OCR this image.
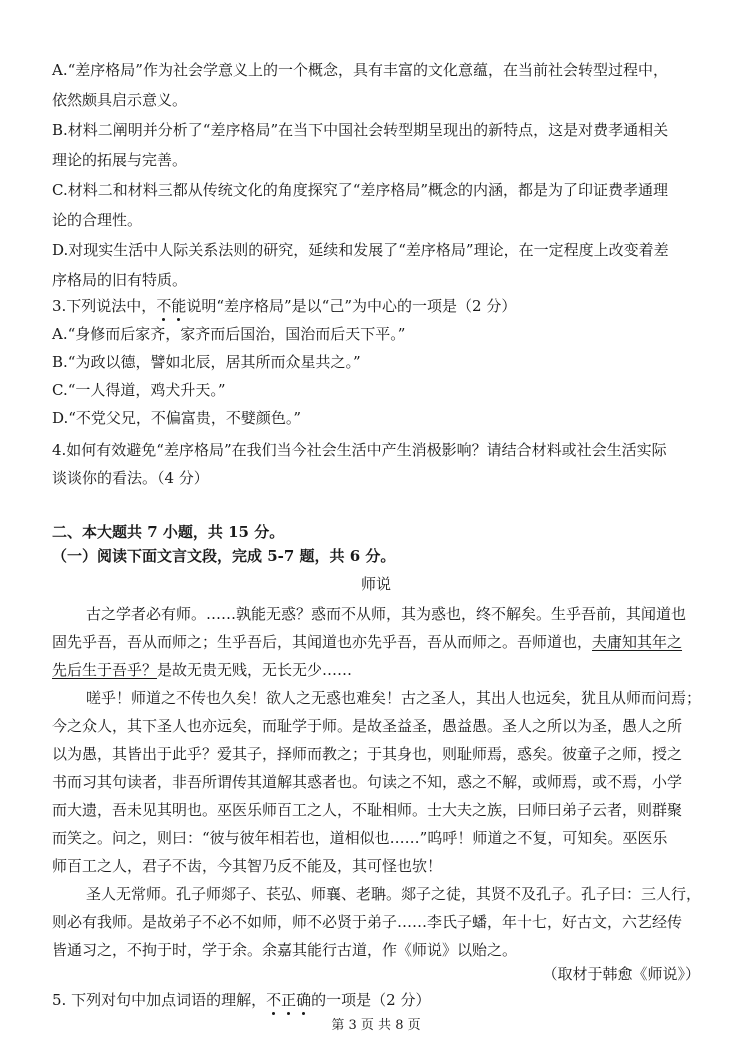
A.“差序格局”作为社会学意义上的一个概念，具有丰富的文化意蕴，在当前社会转型过程中，
依然颇具启示意义。
B.材料二阐明并分析了“差序格局”在当下中国社会转型期呈现出的新特点，这是对费孝通相关
理论的拓展与完善。
C.材料二和材料三都从传统文化的角度探究了“差序格局”概念的内涵，都是为了印证费孝通理
论的合理性。
D.对现实生活中人际关系法则的研究，延续和发展了“差序格局”理论，在一定程度上改变着差
序格局的旧有特质。
3.下列说法中，不能说明“差序格局”是以“己”为中心的一项是（2 分）
A.“身修而后家齐，家齐而后国治，国治而后天下平。”
B.“为政以德，譬如北辰，居其所而众星共之。”
C.“一人得道，鸡犬升天。”
D.“不党父兄，不偏富贵，不嬖颜色。”
4.如何有效避免“差序格局”在我们当今社会生活中产生消极影响？请结合材料或社会生活实际
谈谈你的看法。（4 分）
二、本大题共 7 小题，共 15 分。
（一）阅读下面文言文段，完成 5-7 题，共 6 分。
师说
古之学者必有师。……孰能无惑？惑而不从师，其为惑也，终不解矣。生乎吾前，其闻道也
固先乎吾，吾从而师之；生乎吾后，其闻道也亦先乎吾，吾从而师之。吾师道也，夫庸知其年之
先后生于吾乎？是故无贵无贱，无长无少……
嗟乎！师道之不传也久矣！欲人之无惑也难矣！古之圣人，其出人也远矣，犹且从师而问焉；
今之众人，其下圣人也亦远矣，而耻学于师。是故圣益圣，愚益愚。圣人之所以为圣，愚人之所
以为愚，其皆出于此乎？爱其子，择师而教之；于其身也，则耻师焉，惑矣。彼童子之师，授之
书而习其句读者，非吾所谓传其道解其惑者也。句读之不知，惑之不解，或师焉，或不焉，小学
而大遗，吾未见其明也。巫医乐师百工之人，不耻相师。士大夫之族，曰师曰弟子云者，则群聚
而笑之。问之，则曰：“彼与彼年相若也，道相似也……”呜呼！师道之不复，可知矣。巫医乐
师百工之人，君子不齿，今其智乃反不能及，其可怪也欤！
圣人无常师。孔子师郯子、苌弘、师襄、老聃。郯子之徒，其贤不及孔子。孔子曰：三人行，
则必有我师。是故弟子不必不如师，师不必贤于弟子……李氏子蟠，年十七，好古文，六艺经传
皆通习之，不拘于时，学于余。余嘉其能行古道，作《师说》以贻之。
（取材于韩愈《师说》）
5. 下列对句中加点词语的理解，不正确的一项是（2 分）
第 3 页 共 8 页
